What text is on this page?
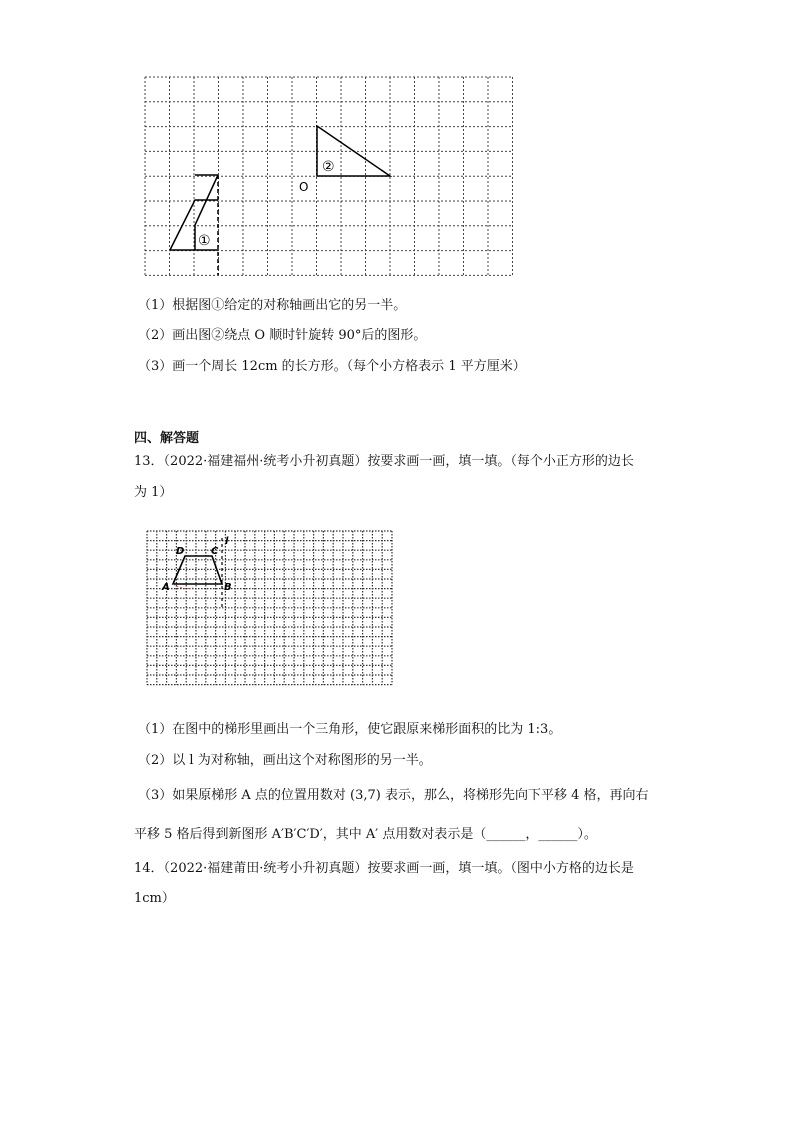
①
②
O
（1）根据图①给定的对称轴画出它的另一半。
（2）画出图②绕点 O 顺时针旋转 90°后的图形。
（3）画一个周长 12cm 的长方形。（每个小方格表示 1 平方厘米）
四、解答题
13．（2022·福建福州·统考小升初真题）按要求画一画，填一填。（每个小正方形的边长
为 1）
D	C
l
A	B
（1）在图中的梯形里画出一个三角形，使它跟原来梯形面积的比为 1:3。
（2）以 l 为对称轴，画出这个对称图形的另一半。
（3）如果原梯形 A 点的位置用数对 (3,7) 表示，那么，将梯形先向下平移 4 格，再向右
平移 5 格后得到新图形 A′B′C′D′，其中 A′ 点用数对表示是（______，______）。
14．（2022·福建莆田·统考小升初真题）按要求画一画，填一填。（图中小方格的边长是
1cm）
